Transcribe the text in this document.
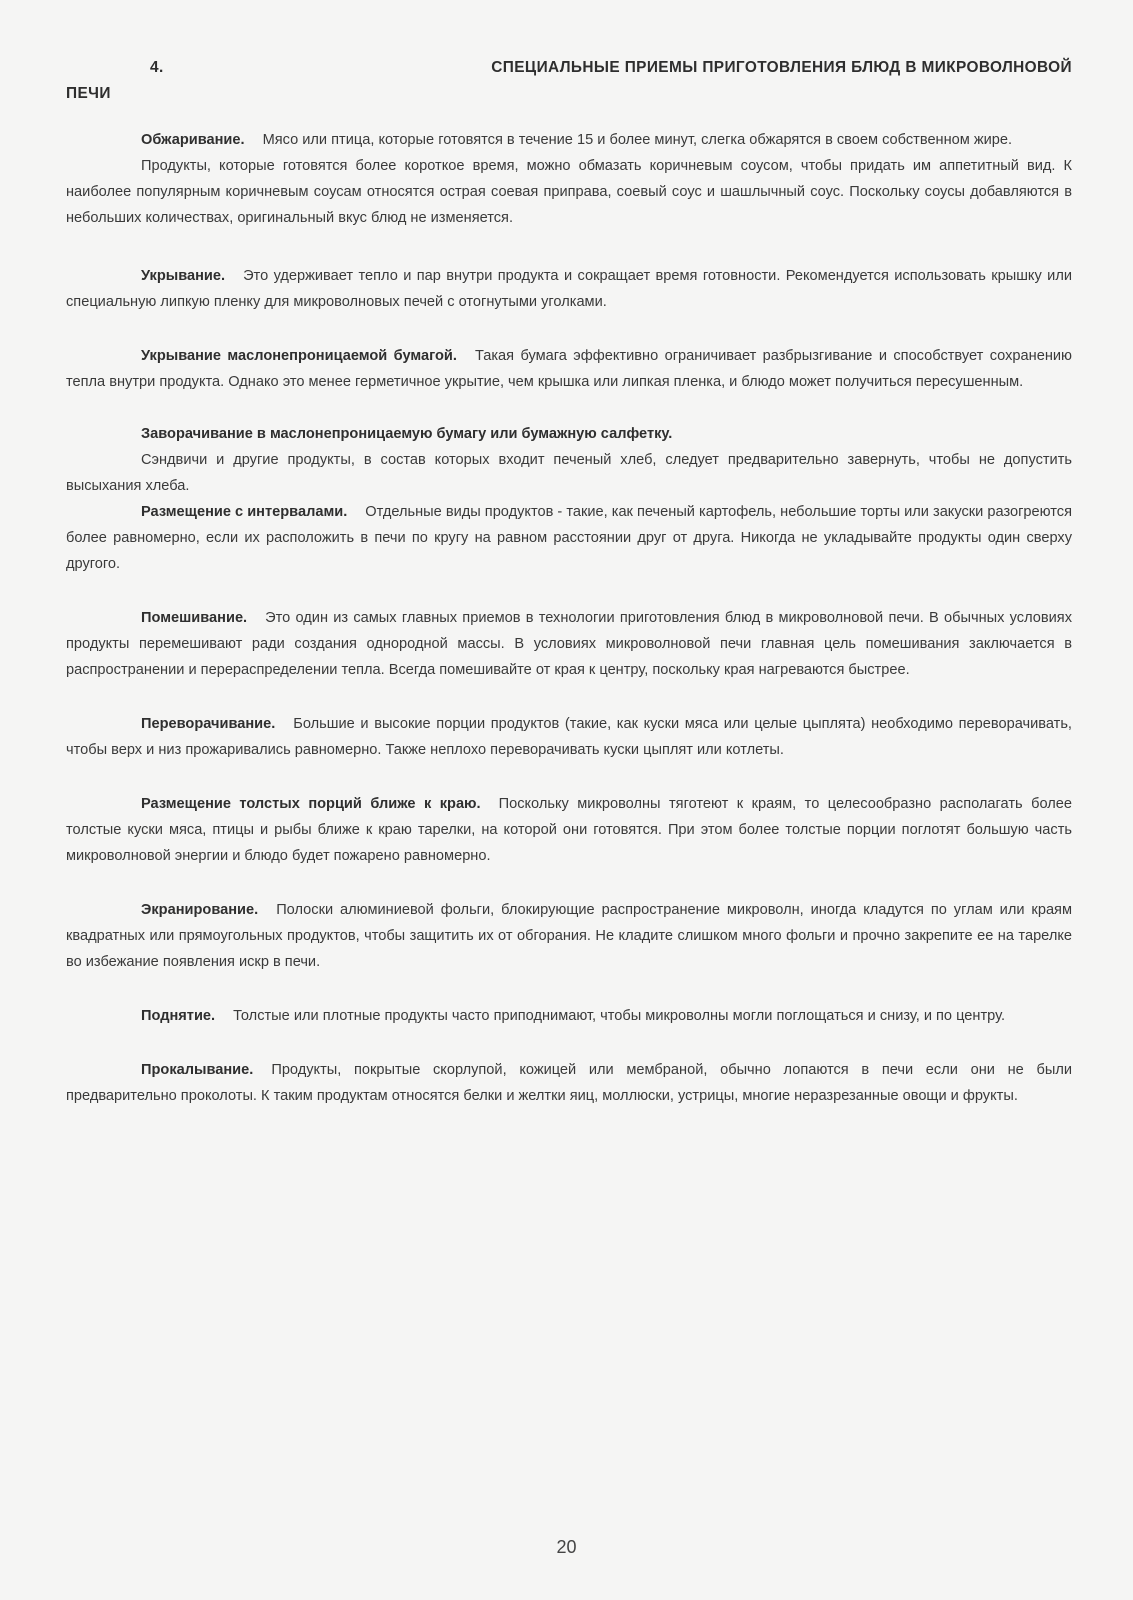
4.	СПЕЦИАЛЬНЫЕ ПРИЕМЫ ПРИГОТОВЛЕНИЯ БЛЮД В МИКРОВОЛНОВОЙ
ПЕЧИ

Обжаривание. Мясо или птица, которые готовятся в течение 15 и более минут, слегка обжарятся в своем собственном жире.

Продукты, которые готовятся более короткое время, можно обмазать коричневым соусом, чтобы придать им аппетитный вид. К наиболее популярным коричневым соусам относятся острая соевая приправа, соевый соус и шашлычный соус. Поскольку соусы добавляются в небольших количествах, оригинальный вкус блюд не изменяется.

Укрывание. Это удерживает тепло и пар внутри продукта и сокращает время готовности. Рекомендуется использовать крышку или специальную липкую пленку для микроволновых печей с отогнутыми уголками.

Укрывание маслонепроницаемой бумагой. Такая бумага эффективно ограничивает разбрызгивание и способствует сохранению тепла внутри продукта. Однако это менее герметичное укрытие, чем крышка или липкая пленка, и блюдо может получиться пересушенным.

Заворачивание в маслонепроницаемую бумагу или бумажную салфетку.

Сэндвичи и другие продукты, в состав которых входит печеный хлеб, следует предварительно завернуть, чтобы не допустить высыхания хлеба.

Размещение с интервалами. Отдельные виды продуктов - такие, как печеный картофель, небольшие торты или закуски разогреются более равномерно, если их расположить в печи по кругу на равном расстоянии друг от друга. Никогда не укладывайте продукты один сверху другого.

Помешивание. Это один из самых главных приемов в технологии приготовления блюд в микроволновой печи. В обычных условиях продукты перемешивают ради создания однородной массы. В условиях микроволновой печи главная цель помешивания заключается в распространении и перераспределении тепла. Всегда помешивайте от края к центру, поскольку края нагреваются быстрее.

Переворачивание. Большие и высокие порции продуктов (такие, как куски мяса или целые цыплята) необходимо переворачивать, чтобы верх и низ прожаривались равномерно. Также неплохо переворачивать куски цыплят или котлеты.

Размещение толстых порций ближе к краю. Поскольку микроволны тяготеют к краям, то целесообразно располагать более толстые куски мяса, птицы и рыбы ближе к краю тарелки, на которой они готовятся. При этом более толстые порции поглотят большую часть микроволновой энергии и блюдо будет пожарено равномерно.

Экранирование. Полоски алюминиевой фольги, блокирующие распространение микроволн, иногда кладутся по углам или краям квадратных или прямоугольных продуктов, чтобы защитить их от обгорания. Не кладите слишком много фольги и прочно закрепите ее на тарелке во избежание появления искр в печи.

Поднятие. Толстые или плотные продукты часто приподнимают, чтобы микроволны могли поглощаться и снизу, и по центру.

Прокалывание. Продукты, покрытые скорлупой, кожицей или мембраной, обычно лопаются в печи если они не были предварительно проколоты. К таким продуктам относятся белки и желтки яиц, моллюски, устрицы, многие неразрезанные овощи и фрукты.

20
